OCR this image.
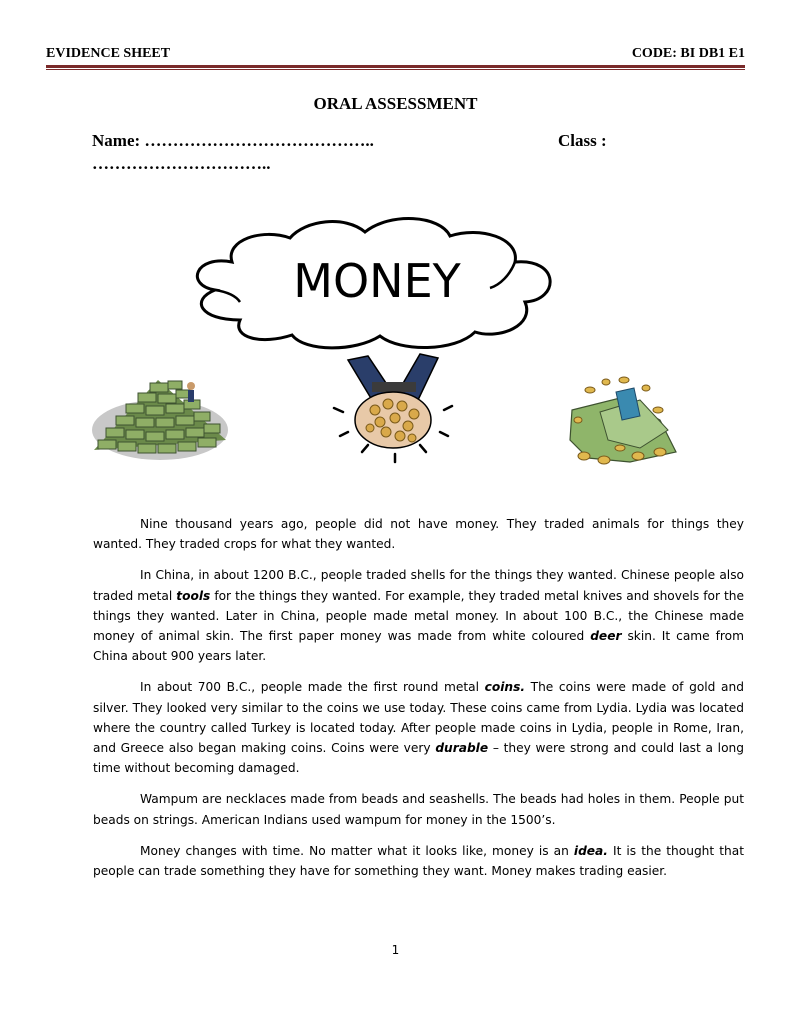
EVIDENCE SHEET	CODE: BI DB1 E1
ORAL ASSESSMENT
Name: …………………………………..	Class :
…………………………..
MONEY

Nine thousand years ago, people did not have money. They traded animals for things they wanted. They traded crops for what they wanted.

In China, in about 1200 B.C., people traded shells for the things they wanted. Chinese people also traded metal tools for the things they wanted. For example, they traded metal knives and shovels for the things they wanted. Later in China, people made metal money. In about 100 B.C., the Chinese made money of animal skin. The first paper money was made from white coloured deer skin. It came from China about 900 years later.

In about 700 B.C., people made the first round metal coins. The coins were made of gold and silver. They looked very similar to the coins we use today. These coins came from Lydia. Lydia was located where the country called Turkey is located today. After people made coins in Lydia, people in Rome, Iran, and Greece also began making coins. Coins were very durable – they were strong and could last a long time without becoming damaged.

Wampum are necklaces made from beads and seashells. The beads had holes in them. People put beads on strings. American Indians used wampum for money in the 1500’s.

Money changes with time. No matter what it looks like, money is an idea. It is the thought that people can trade something they have for something they want. Money makes trading easier.

1
